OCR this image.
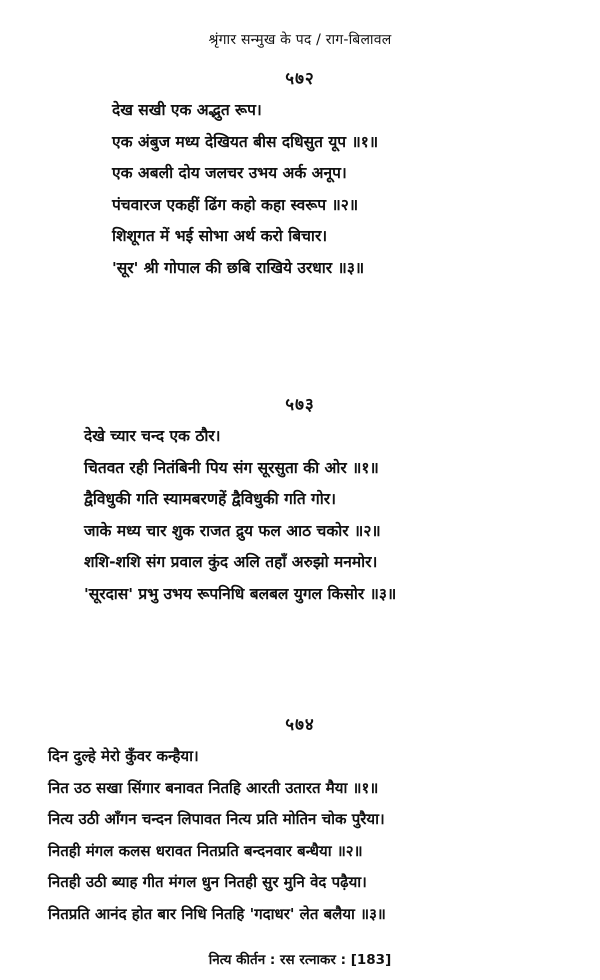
श्रृंगार सन्मुख के पद / राग-बिलावल
५७२
देख सखी एक अद्भुत रूप।
एक अंबुज मध्य देखियत बीस दधिसुत यूप ॥१॥
एक अबली दोय जलचर उभय अर्क अनूप।
पंचवारज एकहीं ढिंग कहो कहा स्वरूप ॥२॥
शिशूगत में भई सोभा अर्थ करो बिचार।
'सूर' श्री गोपाल की छबि राखिये उरधार ॥३॥
५७३
देखे च्यार चन्द एक ठौर।
चितवत रही नितंबिनी पिय संग सूरसुता की ओर ॥१॥
द्वैविधुकी गति स्यामबरणहें द्वैविधुकी गति गोर।
जाके मध्य चार शुक राजत द्रुय फल आठ चकोर ॥२॥
शशि-शशि संग प्रवाल कुंद अलि तहाँ अरुझो मनमोर।
'सूरदास' प्रभु उभय रूपनिधि बलबल युगल किसोर ॥३॥
५७४
दिन दुल्हे मेरो कुँवर कन्हैया।
नित उठ सखा सिंगार बनावत नितहि आरती उतारत मैया ॥१॥
नित्य उठी आँगन चन्दन लिपावत नित्य प्रति मोतिन चोक पुरैया।
नितही मंगल कलस धरावत नितप्रति बन्दनवार बन्धैया ॥२॥
नितही उठी ब्याह गीत मंगल धुन नितही सुर मुनि वेद पढ़ैया।
नितप्रति आनंद होत बार निधि नितहि 'गदाधर' लेत बलैया ॥३॥
नित्य कीर्तन : रस रत्नाकर : [183]
